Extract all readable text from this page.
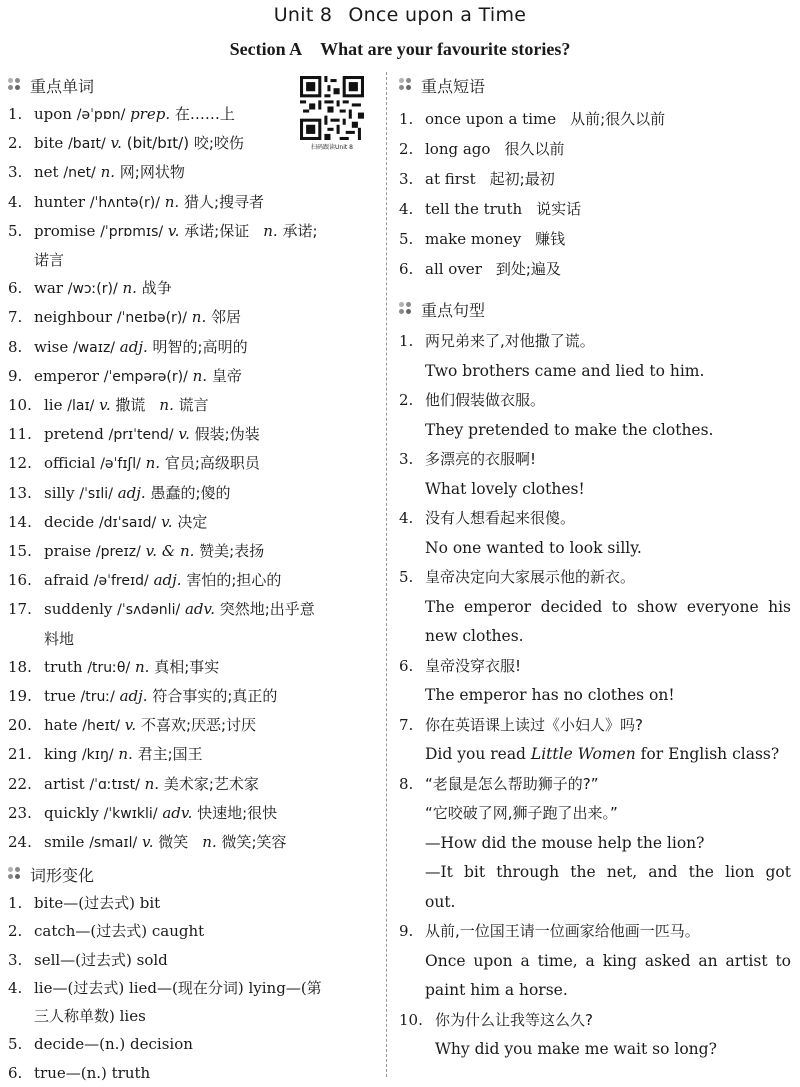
Unit 8 Once upon a Time
Section A What are your favourite stories?
扫码跟读Unit 8
重点单词
1. upon /əˈpɒn/ prep. 在……上
2. bite /baɪt/ v. (bit/bɪt/) 咬;咬伤
3. net /net/ n. 网;网状物
4. hunter /ˈhʌntə(r)/ n. 猎人;搜寻者
5. promise /ˈprɒmɪs/ v. 承诺;保证 n. 承诺;
诺言
6. war /wɔː(r)/ n. 战争
7. neighbour /ˈneɪbə(r)/ n. 邻居
8. wise /waɪz/ adj. 明智的;高明的
9. emperor /ˈempərə(r)/ n. 皇帝
10. lie /laɪ/ v. 撒谎 n. 谎言
11. pretend /prɪˈtend/ v. 假装;伪装
12. official /əˈfɪʃl/ n. 官员;高级职员
13. silly /ˈsɪli/ adj. 愚蠢的;傻的
14. decide /dɪˈsaɪd/ v. 决定
15. praise /preɪz/ v. & n. 赞美;表扬
16. afraid /əˈfreɪd/ adj. 害怕的;担心的
17. suddenly /ˈsʌdənli/ adv. 突然地;出乎意
料地
18. truth /truːθ/ n. 真相;事实
19. true /truː/ adj. 符合事实的;真正的
20. hate /heɪt/ v. 不喜欢;厌恶;讨厌
21. king /kɪŋ/ n. 君主;国王
22. artist /ˈɑːtɪst/ n. 美术家;艺术家
23. quickly /ˈkwɪkli/ adv. 快速地;很快
24. smile /smaɪl/ v. 微笑 n. 微笑;笑容
词形变化
1. bite—(过去式) bit
2. catch—(过去式) caught
3. sell—(过去式) sold
4. lie—(过去式) lied—(现在分词) lying—(第
三人称单数) lies
5. decide—(n.) decision
6. true—(n.) truth
重点短语
1. once upon a time 从前;很久以前
2. long ago 很久以前
3. at first 起初;最初
4. tell the truth 说实话
5. make money 赚钱
6. all over 到处;遍及
重点句型
1. 两兄弟来了,对他撒了谎。
Two brothers came and lied to him.
2. 他们假装做衣服。
They pretended to make the clothes.
3. 多漂亮的衣服啊!
What lovely clothes!
4. 没有人想看起来很傻。
No one wanted to look silly.
5. 皇帝决定向大家展示他的新衣。
The emperor decided to show everyone his
new clothes.
6. 皇帝没穿衣服!
The emperor has no clothes on!
7. 你在英语课上读过《小妇人》吗?
Did you read Little Women for English class?
8. “老鼠是怎么帮助狮子的?”
“它咬破了网,狮子跑了出来。”
—How did the mouse help the lion?
—It bit through the net, and the lion got
out.
9. 从前,一位国王请一位画家给他画一匹马。
Once upon a time, a king asked an artist to
paint him a horse.
10. 你为什么让我等这么久?
Why did you make me wait so long?
